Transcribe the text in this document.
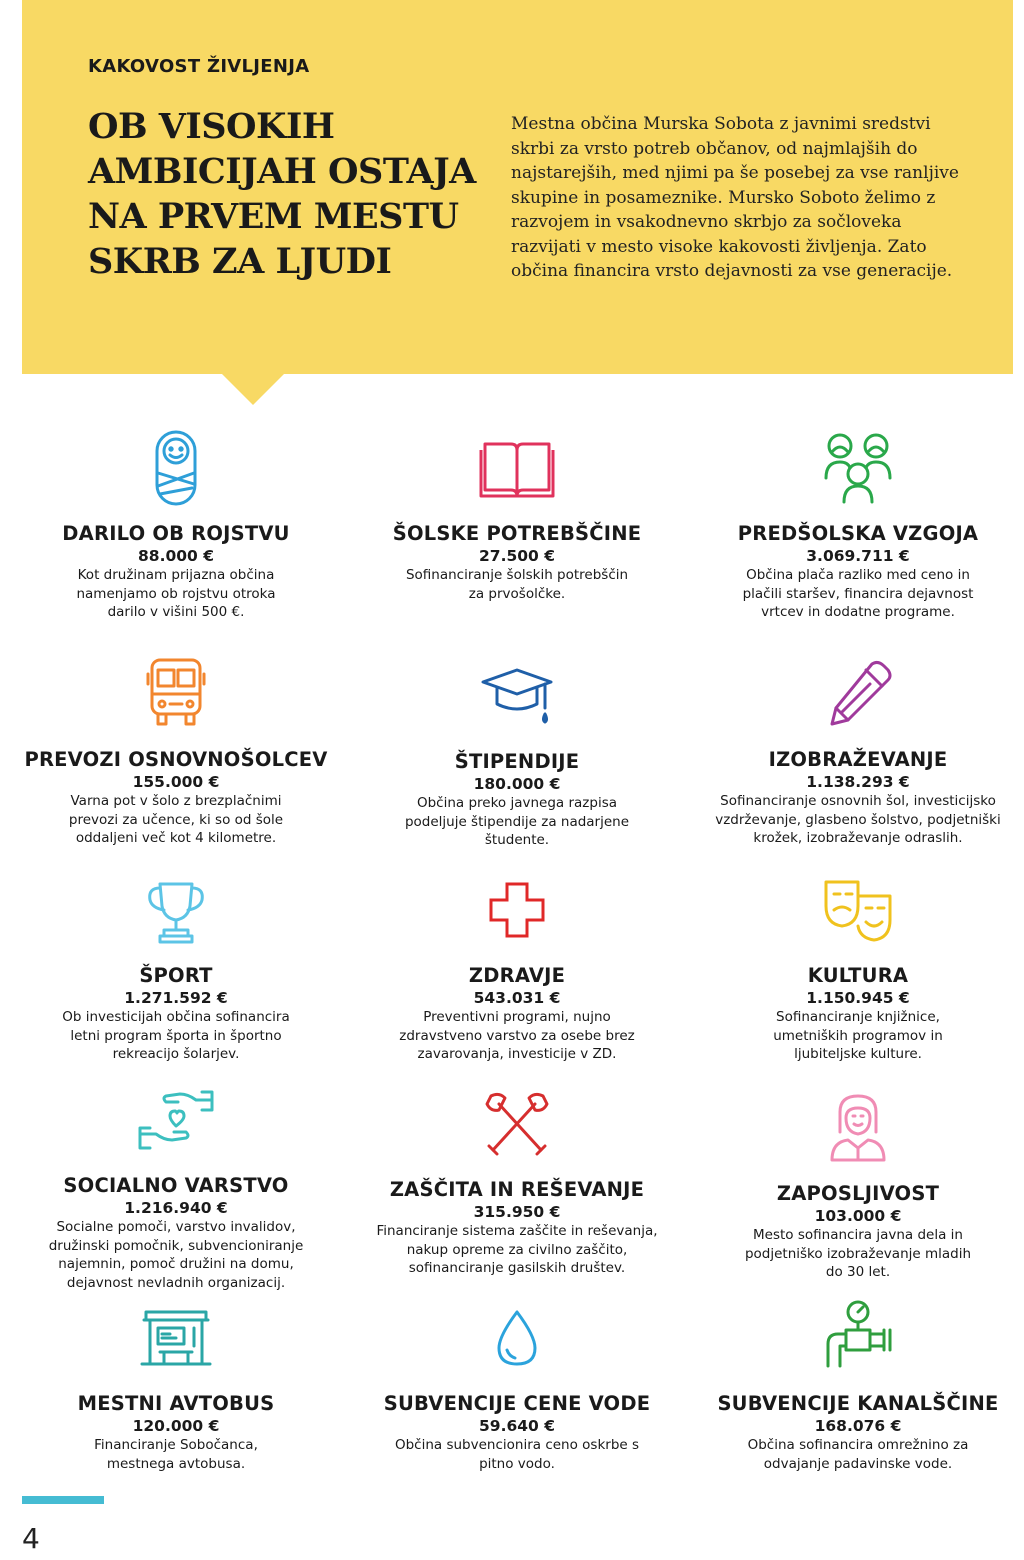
KAKOVOST ŽIVLJENJA
OB VISOKIH
AMBICIJAH OSTAJA
NA PRVEM MESTU
SKRB ZA LJUDI
Mestna občina Murska Sobota z javnimi sredstvi skrbi za vrsto potreb občanov, od najmlajših do najstarejših, med njimi pa še posebej za vse ranljive skupine in posameznike. Mursko Soboto želimo z razvojem in vsakodnevno skrbjo za sočloveka razvijati v mesto visoke kakovosti življenja. Zato občina financira vrsto dejavnosti za vse generacije.
DARILO OB ROJSTVU
88.000 €
Kot družinam prijazna občina namenjamo ob rojstvu otroka darilo v višini 500 €.
ŠOLSKE POTREBŠČINE
27.500 €
Sofinanciranje šolskih potrebščin za prvošolčke.
PREDŠOLSKA VZGOJA
3.069.711 €
Občina plača razliko med ceno in plačili staršev, financira dejavnost vrtcev in dodatne programe.
PREVOZI OSNOVNOŠOLCEV
155.000 €
Varna pot v šolo z brezplačnimi prevozi za učence, ki so od šole oddaljeni več kot 4 kilometre.
ŠTIPENDIJE
180.000 €
Občina preko javnega razpisa podeljuje štipendije za nadarjene študente.
IZOBRAŽEVANJE
1.138.293 €
Sofinanciranje osnovnih šol, investicijsko vzdrževanje, glasbeno šolstvo, podjetniški krožek, izobraževanje odraslih.
ŠPORT
1.271.592 €
Ob investicijah občina sofinancira letni program športa in športno rekreacijo šolarjev.
ZDRAVJE
543.031 €
Preventivni programi, nujno zdravstveno varstvo za osebe brez zavarovanja, investicije v ZD.
KULTURA
1.150.945 €
Sofinanciranje knjižnice, umetniških programov in ljubiteljske kulture.
SOCIALNO VARSTVO
1.216.940 €
Socialne pomoči, varstvo invalidov, družinski pomočnik, subvencioniranje najemnin, pomoč družini na domu, dejavnost nevladnih organizacij.
ZAŠČITA IN REŠEVANJE
315.950 €
Financiranje sistema zaščite in reševanja, nakup opreme za civilno zaščito, sofinanciranje gasilskih društev.
ZAPOSLJIVOST
103.000 €
Mesto sofinancira javna dela in podjetniško izobraževanje mladih do 30 let.
MESTNI AVTOBUS
120.000 €
Financiranje Sobočanca, mestnega avtobusa.
SUBVENCIJE CENE VODE
59.640 €
Občina subvencionira ceno oskrbe s pitno vodo.
SUBVENCIJE KANALŠČINE
168.076 €
Občina sofinancira omrežnino za odvajanje padavinske vode.
4
